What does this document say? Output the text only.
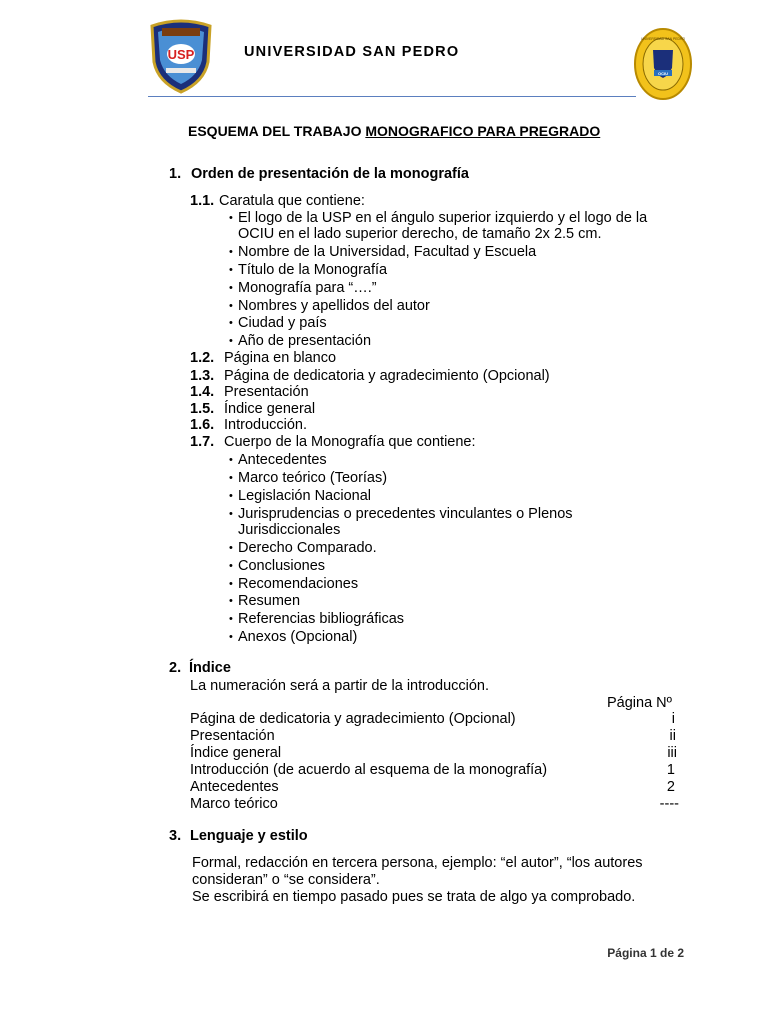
USP	UNIVERSIDAD SAN PEDRO
OCIU
UNIVERSIDAD SAN PEDRO
ESQUEMA DEL TRABAJO MONOGRAFICO PARA PREGRADO
1. Orden de presentación de la monografía
1.1. Caratula que contiene:
• El logo de la USP en el ángulo superior izquierdo y el logo de la
OCIU en el lado superior derecho, de tamaño 2x 2.5 cm.
• Nombre de la Universidad, Facultad y Escuela
• Título de la Monografía
• Monografía para “….”
• Nombres y apellidos del autor
• Ciudad y país
• Año de presentación
1.2. Página en blanco
1.3. Página de dedicatoria y agradecimiento (Opcional)
1.4. Presentación
1.5. Índice general
1.6. Introducción.
1.7. Cuerpo de la Monografía que contiene:
• Antecedentes
• Marco teórico (Teorías)
• Legislación Nacional
• Jurisprudencias o precedentes vinculantes o Plenos
Jurisdiccionales
• Derecho Comparado.
• Conclusiones
• Recomendaciones
• Resumen
• Referencias bibliográficas
• Anexos (Opcional)
2. Índice
La numeración será a partir de la introducción.
Página Nº
Página de dedicatoria y agradecimiento (Opcional)	i
Presentación	ii
Índice general	iii
Introducción (de acuerdo al esquema de la monografía)	1
Antecedentes	2
Marco teórico	----
3. Lenguaje y estilo
Formal, redacción en tercera persona, ejemplo: “el autor”, “los autores
consideran” o “se considera”.
Se escribirá en tiempo pasado pues se trata de algo ya comprobado.
Página 1 de 2
